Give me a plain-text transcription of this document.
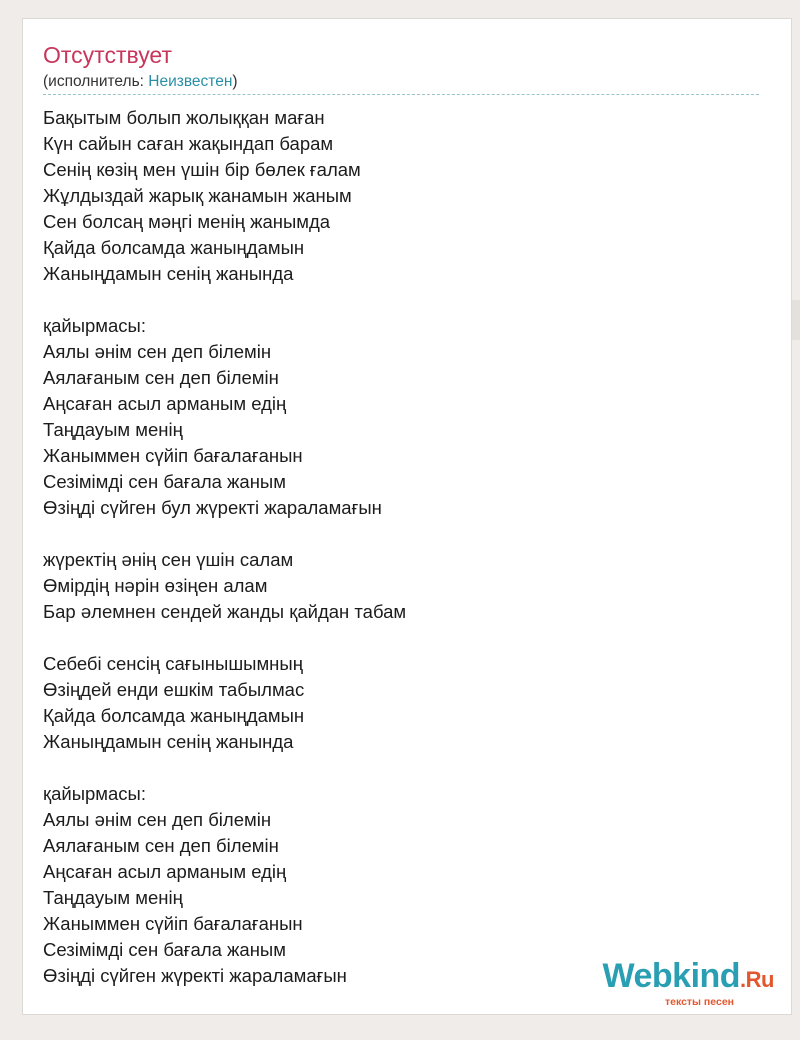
Отсутствует
(исполнитель: Неизвестен)
Бақытым болып жолыққан маған
Күн сайын саған жақындап барам
Сенің көзің мен үшін бір бөлек ғалам
Жұлдыздай жарық жанамын жаным
Сен болсаң мәңгі менің жанымда
Қайда болсамда жаныңдамын
Жаныңдамын сенің жанында
қайырмасы:
Аялы әнім сен деп білемін
Аялағаным сен деп білемін
Аңсаған асыл арманым едің
Таңдауым менің
Жаныммен сүйіп бағалағанын
Сезімімді сен бағала жаным
Өзіңді сүйген бул жүректі жараламағын
жүректің әнің сен үшін салам
Өмірдің нәрін өзіңен алам
Бар әлемнен сендей жанды қайдан табам
Себебі сенсің сағынышымның
Өзіңдей енди ешкім табылмас
Қайда болсамда жаныңдамын
Жаныңдамын сенің жанында
қайырмасы:
Аялы әнім сен деп білемін
Аялағаным сен деп білемін
Аңсаған асыл арманым едің
Таңдауым менің
Жаныммен сүйіп бағалағанын
Сезімімді сен бағала жаным
Өзіңді сүйген жүректі жараламағын	Webkind.Ru
тексты песен
